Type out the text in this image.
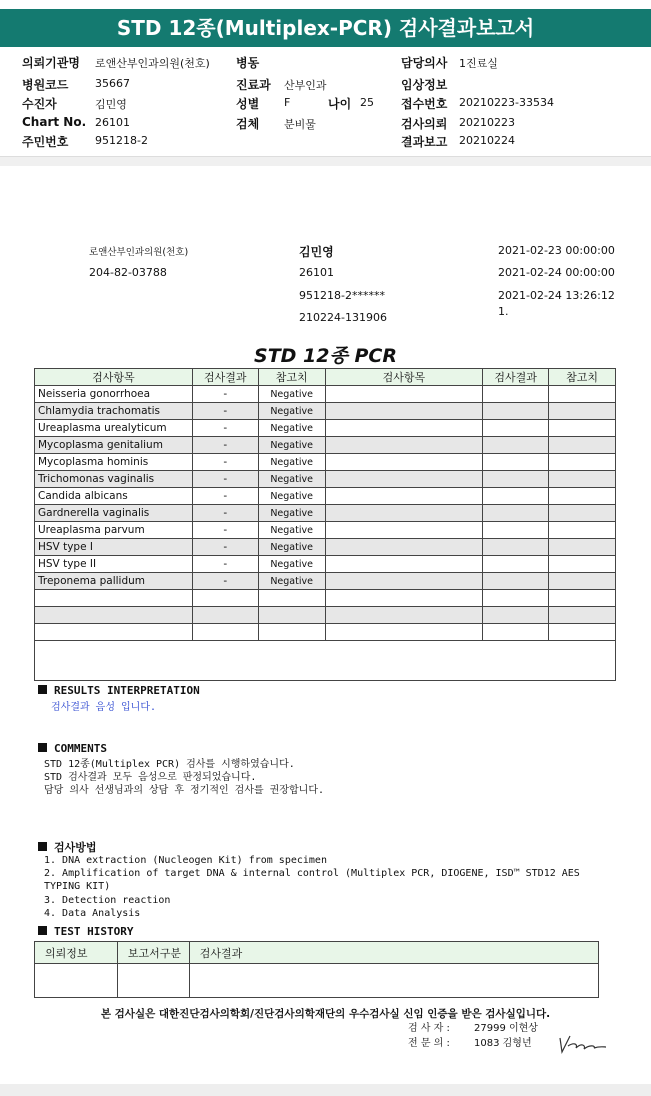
STD 12종(Multiplex-PCR) 검사결과보고서
의뢰기관명 로앤산부인과의원(천호) 병동	담당의사 1진료실
병원코드 35667	진료과 산부인과	임상정보
수진자	김민영	성별 F	나이 25 접수번호 20210223-33534
Chart No. 26101	검체 분비물	검사의뢰 20210223
주민번호 951218-2	결과보고 20210224
로앤산부인과의원(천호)
204-82-03788
김민영
26101
951218-2******
210224-131906
2021-02-23 00:00:00
2021-02-24 00:00:00
2021-02-24 13:26:12
1.
STD 12종 PCR
검사항목	검사결과	참고치	검사항목	검사결과	참고치
Neisseria gonorrhoea	-	Negative			
Chlamydia trachomatis	-	Negative			
Ureaplasma urealyticum	-	Negative			
Mycoplasma genitalium	-	Negative			
Mycoplasma hominis	-	Negative			
Trichomonas vaginalis	-	Negative			
Candida albicans	-	Negative			
Gardnerella vaginalis	-	Negative			
Ureaplasma parvum	-	Negative			
HSV type I	-	Negative			
HSV type II	-	Negative			
Treponema pallidum	-	Negative			

RESULTS INTERPRETATION
검사결과 음성 입니다.
COMMENTS
STD 12종(Multiplex PCR) 검사를 시행하였습니다.
STD 검사결과 모두 음성으로 판정되었습니다.
담당 의사 선생님과의 상담 후 정기적인 검사를 권장합니다.
검사방법
1. DNA extraction (Nucleogen Kit) from specimen
2. Amplification of target DNA & internal control (Multiplex PCR, DIOGENE, ISD™ STD12 AES
TYPING KIT)
3. Detection reaction
4. Data Analysis
TEST HISTORY
의뢰정보	보고서구분	검사결과

본 검사실은 대한진단검사의학회/진단검사의학재단의 우수검사실 신임 인증을 받은 검사실입니다.
검 사 자 : 27999 이현상
전 문 의 : 1083 김형년
